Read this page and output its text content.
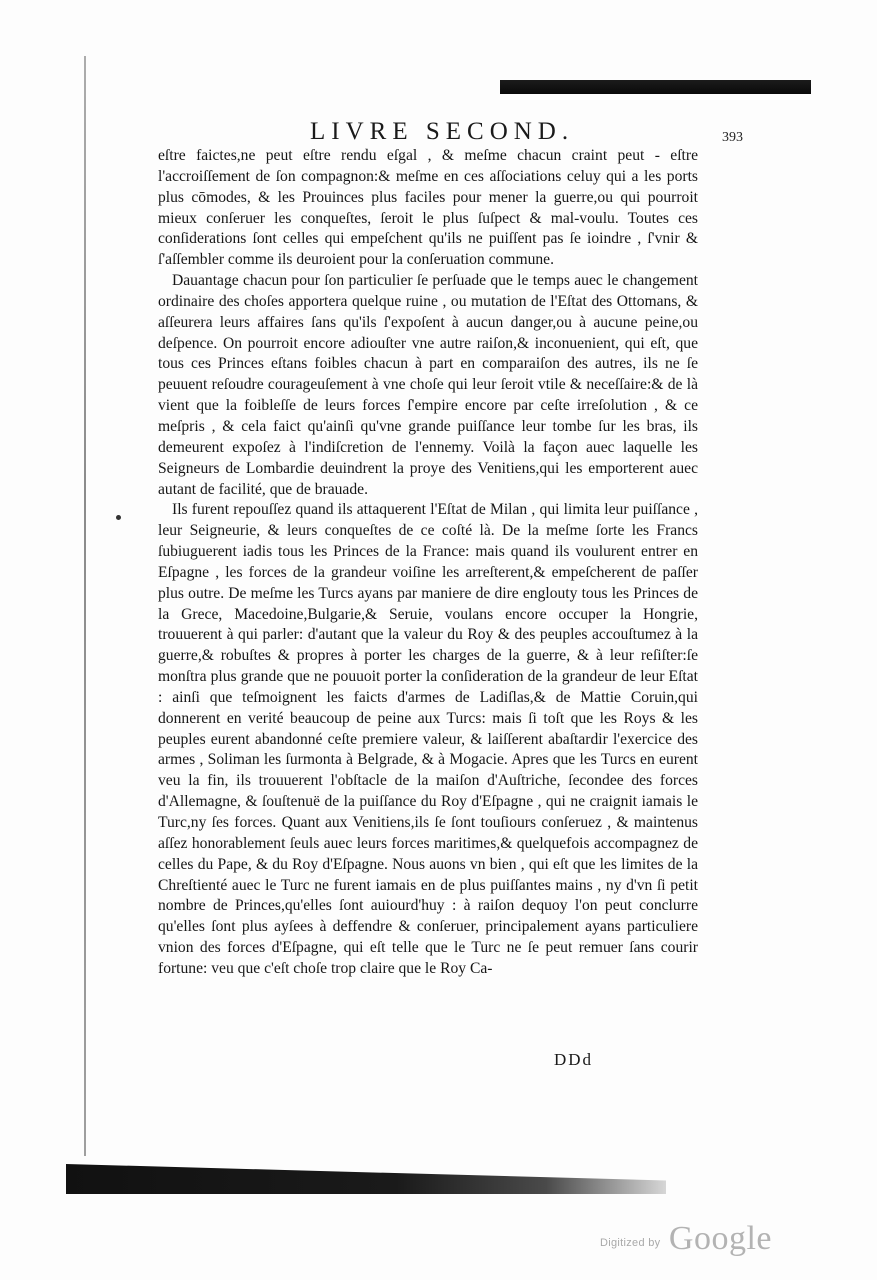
LIVRE SECOND.	393

eſtre faictes,ne peut eſtre rendu eſgal , & meſme chacun craint peut - eſtre l'accroiſſement de ſon compagnon:& meſme en ces aſſociations celuy qui a les ports plus cōmodes, & les Prouinces plus faciles pour mener la guerre,ou qui pourroit mieux conſeruer les conqueſtes, ſeroit le plus ſuſpect & mal-voulu. Toutes ces conſiderations ſont celles qui empeſchent qu'ils ne puiſſent pas ſe ioindre , ſ'vnir & ſ'aſſembler comme ils deuroient pour la conſeruation commune.

Dauantage chacun pour ſon particulier ſe perſuade que le temps auec le changement ordinaire des choſes apportera quelque ruine , ou mutation de l'Eſtat des Ottomans, & aſſeurera leurs affaires ſans qu'ils ſ'expoſent à aucun danger,ou à aucune peine,ou deſpence. On pourroit encore adiouſter vne autre raiſon,& inconuenient, qui eſt, que tous ces Princes eſtans foibles chacun à part en comparaiſon des autres, ils ne ſe peuuent reſoudre courageuſement à vne choſe qui leur ſeroit vtile & neceſſaire:& de là vient que la foibleſſe de leurs forces ſ'empire encore par ceſte irreſolution , & ce meſpris , & cela faict qu'ainſi qu'vne grande puiſſance leur tombe ſur les bras, ils demeurent expoſez à l'indiſcretion de l'ennemy. Voilà la façon auec laquelle les Seigneurs de Lombardie deuindrent la proye des Venitiens,qui les emporterent auec autant de facilité, que de brauade.

Ils furent repouſſez quand ils attaquerent l'Eſtat de Milan , qui limita leur puiſſance , leur Seigneurie, & leurs conqueſtes de ce coſté là. De la meſme ſorte les Francs ſubiuguerent iadis tous les Princes de la France: mais quand ils voulurent entrer en Eſpagne , les forces de la grandeur voiſine les arreſterent,& empeſcherent de paſſer plus outre. De meſme les Turcs ayans par maniere de dire englouty tous les Princes de la Grece, Macedoine,Bulgarie,& Seruie, voulans encore occuper la Hongrie, trouuerent à qui parler: d'autant que la valeur du Roy & des peuples accouſtumez à la guerre,& robuſtes & propres à porter les charges de la guerre, & à leur reſiſter:ſe monſtra plus grande que ne pouuoit porter la conſideration de la grandeur de leur Eſtat : ainſi que teſmoignent les faicts d'armes de Ladiſlas,& de Mattie Coruin,qui donnerent en verité beaucoup de peine aux Turcs: mais ſi toſt que les Roys & les peuples eurent abandonné ceſte premiere valeur, & laiſſerent abaſtardir l'exercice des armes , Soliman les ſurmonta à Belgrade, & à Mogacie. Apres que les Turcs en eurent veu la fin, ils trouuerent l'obſtacle de la maiſon d'Auſtriche, ſecondee des forces d'Allemagne, & ſouſtenuë de la puiſſance du Roy d'Eſpagne , qui ne craignit iamais le Turc,ny ſes forces. Quant aux Venitiens,ils ſe ſont touſiours conſeruez , & maintenus aſſez honorablement ſeuls auec leurs forces maritimes,& quelquefois accompagnez de celles du Pape, & du Roy d'Eſpagne. Nous auons vn bien , qui eſt que les limites de la Chreſtienté auec le Turc ne furent iamais en de plus puiſſantes mains , ny d'vn ſi petit nombre de Princes,qu'elles ſont auiourd'huy : à raiſon dequoy l'on peut conclurre qu'elles ſont plus ayſees à deffendre & conſeruer, principalement ayans particuliere vnion des forces d'Eſpagne, qui eſt telle que le Turc ne ſe peut remuer ſans courir fortune: veu que c'eſt choſe trop claire que le Roy Ca-

DDd
Digitized by Google
